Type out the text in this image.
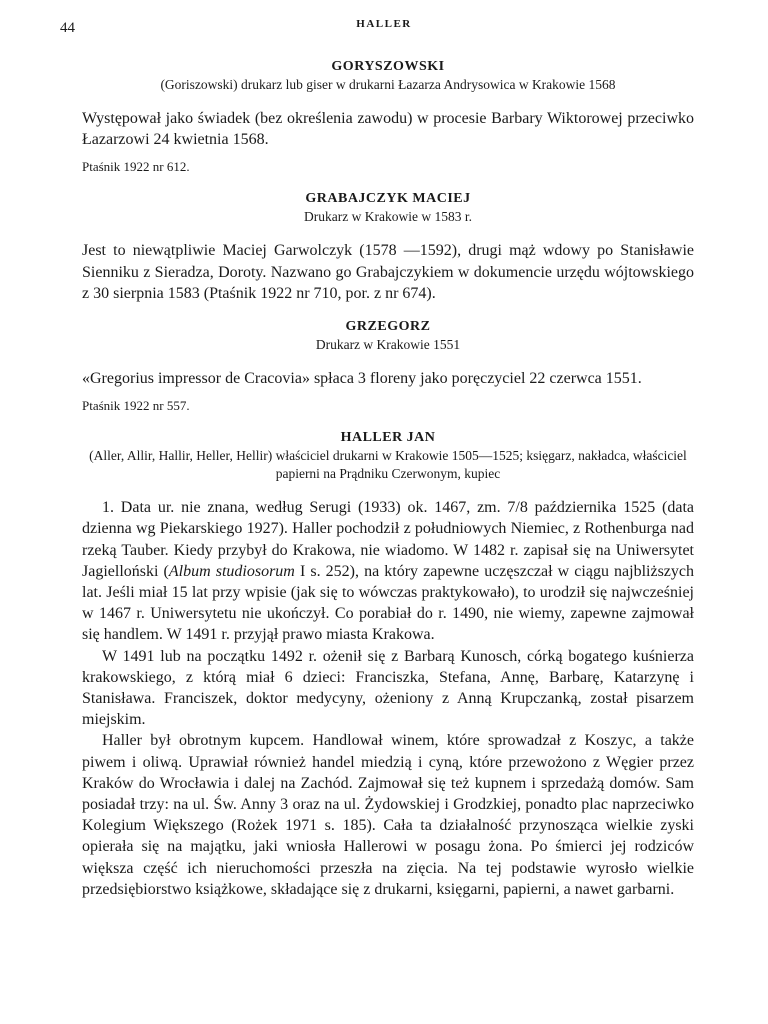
44	HALLER
GORYSZOWSKI

(Goriszowski) drukarz lub giser w drukarni Łazarza Andrysowica w Krakowie 1568

Występował jako świadek (bez określenia zawodu) w procesie Barbary Wiktorowej przeciwko Łazarzowi 24 kwietnia 1568.

Ptaśnik 1922 nr 612.

GRABAJCZYK MACIEJ

Drukarz w Krakowie w 1583 r.

Jest to niewątpliwie Maciej Garwolczyk (1578 —1592), drugi mąż wdowy po Stanisławie Sienniku z Sieradza, Doroty. Nazwano go Grabajczykiem w dokumencie urzędu wójtowskiego z 30 sierpnia 1583 (Ptaśnik 1922 nr 710, por. z nr 674).

GRZEGORZ

Drukarz w Krakowie 1551

«Gregorius impressor de Cracovia» spłaca 3 floreny jako poręczyciel 22 czerwca 1551.

Ptaśnik 1922 nr 557.

HALLER JAN

(Aller, Allir, Hallir, Heller, Hellir) właściciel drukarni w Krakowie 1505—1525; księgarz, nakładca, właściciel papierni na Prądniku Czerwonym, kupiec

1. Data ur. nie znana, według Serugi (1933) ok. 1467, zm. 7/8 października 1525 (data dzienna wg Piekarskiego 1927). Haller pochodził z południowych Niemiec, z Rothenburga nad rzeką Tauber. Kiedy przybył do Krakowa, nie wiadomo. W 1482 r. zapisał się na Uniwersytet Jagielloński (Album studiosorum I s. 252), na który zapewne uczęszczał w ciągu najbliższych lat. Jeśli miał 15 lat przy wpisie (jak się to wówczas praktykowało), to urodził się najwcześniej w 1467 r. Uniwersytetu nie ukończył. Co porabiał do r. 1490, nie wiemy, zapewne zajmował się handlem. W 1491 r. przyjął prawo miasta Krakowa.

W 1491 lub na początku 1492 r. ożenił się z Barbarą Kunosch, córką bogatego kuśnierza krakowskiego, z którą miał 6 dzieci: Franciszka, Stefana, Annę, Barbarę, Katarzynę i Stanisława. Franciszek, doktor medycyny, ożeniony z Anną Krupczanką, został pisarzem miejskim.

Haller był obrotnym kupcem. Handlował winem, które sprowadzał z Koszyc, a także piwem i oliwą. Uprawiał również handel miedzią i cyną, które przewożono z Węgier przez Kraków do Wrocławia i dalej na Zachód. Zajmował się też kupnem i sprzedażą domów. Sam posiadał trzy: na ul. Św. Anny 3 oraz na ul. Żydowskiej i Grodzkiej, ponadto plac naprzeciwko Kolegium Większego (Rożek 1971 s. 185). Cała ta działalność przynosząca wielkie zyski opierała się na majątku, jaki wniosła Hallerowi w posagu żona. Po śmierci jej rodziców większa część ich nieruchomości przeszła na zięcia. Na tej podstawie wyrosło wielkie przedsiębiorstwo książkowe, składające się z drukarni, księgarni, papierni, a nawet garbarni.
